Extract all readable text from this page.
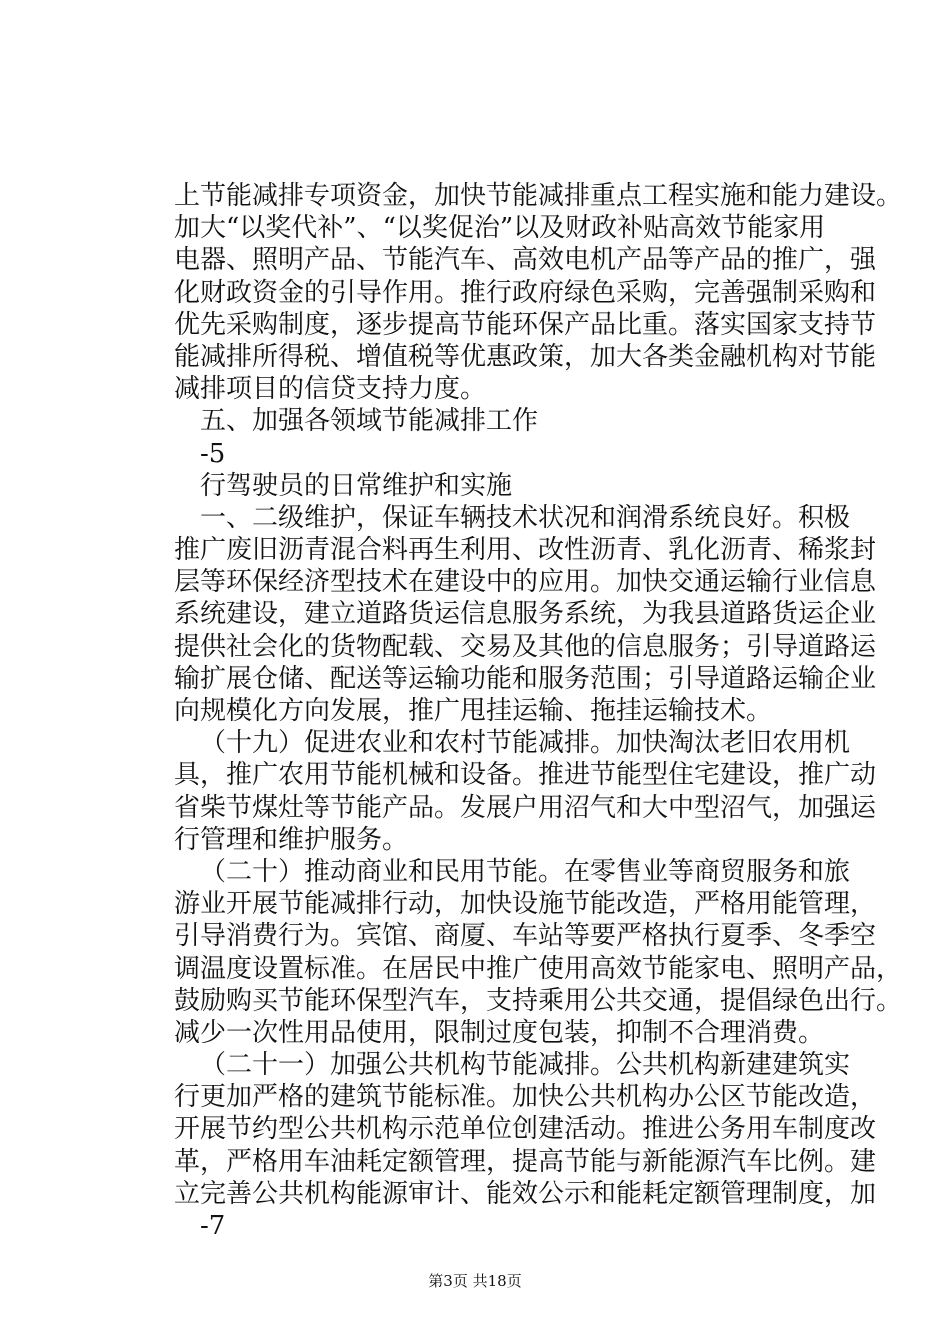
上节能减排专项资金，加快节能减排重点工程实施和能力建设。
加大“以奖代补”、“以奖促治”以及财政补贴高效节能家用
电器、照明产品、节能汽车、高效电机产品等产品的推广，强
化财政资金的引导作用。推行政府绿色采购，完善强制采购和
优先采购制度，逐步提高节能环保产品比重。落实国家支持节
能减排所得税、增值税等优惠政策，加大各类金融机构对节能
减排项目的信贷支持力度。
五、加强各领域节能减排工作
-5
行驾驶员的日常维护和实施
一、二级维护，保证车辆技术状况和润滑系统良好。积极
推广废旧沥青混合料再生利用、改性沥青、乳化沥青、稀浆封
层等环保经济型技术在建设中的应用。加快交通运输行业信息
系统建设，建立道路货运信息服务系统，为我县道路货运企业
提供社会化的货物配载、交易及其他的信息服务；引导道路运
输扩展仓储、配送等运输功能和服务范围；引导道路运输企业
向规模化方向发展，推广甩挂运输、拖挂运输技术。
（十九）促进农业和农村节能减排。加快淘汰老旧农用机
具，推广农用节能机械和设备。推进节能型住宅建设，推广动
省柴节煤灶等节能产品。发展户用沼气和大中型沼气，加强运
行管理和维护服务。
（二十）推动商业和民用节能。在零售业等商贸服务和旅
游业开展节能减排行动，加快设施节能改造，严格用能管理，
引导消费行为。宾馆、商厦、车站等要严格执行夏季、冬季空
调温度设置标准。在居民中推广使用高效节能家电、照明产品，
鼓励购买节能环保型汽车，支持乘用公共交通，提倡绿色出行。
减少一次性用品使用，限制过度包装，抑制不合理消费。
（二十一）加强公共机构节能减排。公共机构新建建筑实
行更加严格的建筑节能标准。加快公共机构办公区节能改造，
开展节约型公共机构示范单位创建活动。推进公务用车制度改
革，严格用车油耗定额管理，提高节能与新能源汽车比例。建
立完善公共机构能源审计、能效公示和能耗定额管理制度，加
-7
第3页 共18页
